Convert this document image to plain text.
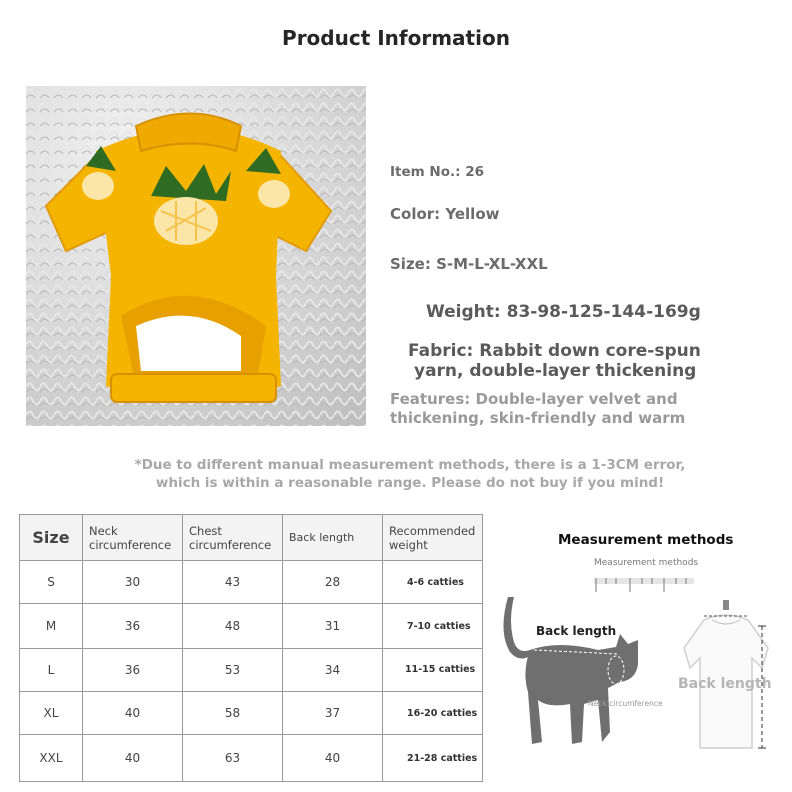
Product Information
Item No.: 26
Color: Yellow
Size: S-M-L-XL-XXL
Weight: 83-98-125-144-169g
Fabric: Rabbit down core-spun
yarn, double-layer thickening
Features: Double-layer velvet and
thickening, skin-friendly and warm
*Due to different manual measurement methods, there is a 1-3CM error,
which is within a reasonable range. Please do not buy if you mind!
Size	Neck circumference	Chest circumference	Back length	Recommended weight
S	30	43	28	4-6 catties
M	36	48	31	7-10 catties
L	36	53	34	11-15 catties
XL	40	58	37	16-20 catties
XXL	40	63	40	21-28 catties
Measurement methods
Measurement methods
Back length
Neck circumference
Back length
